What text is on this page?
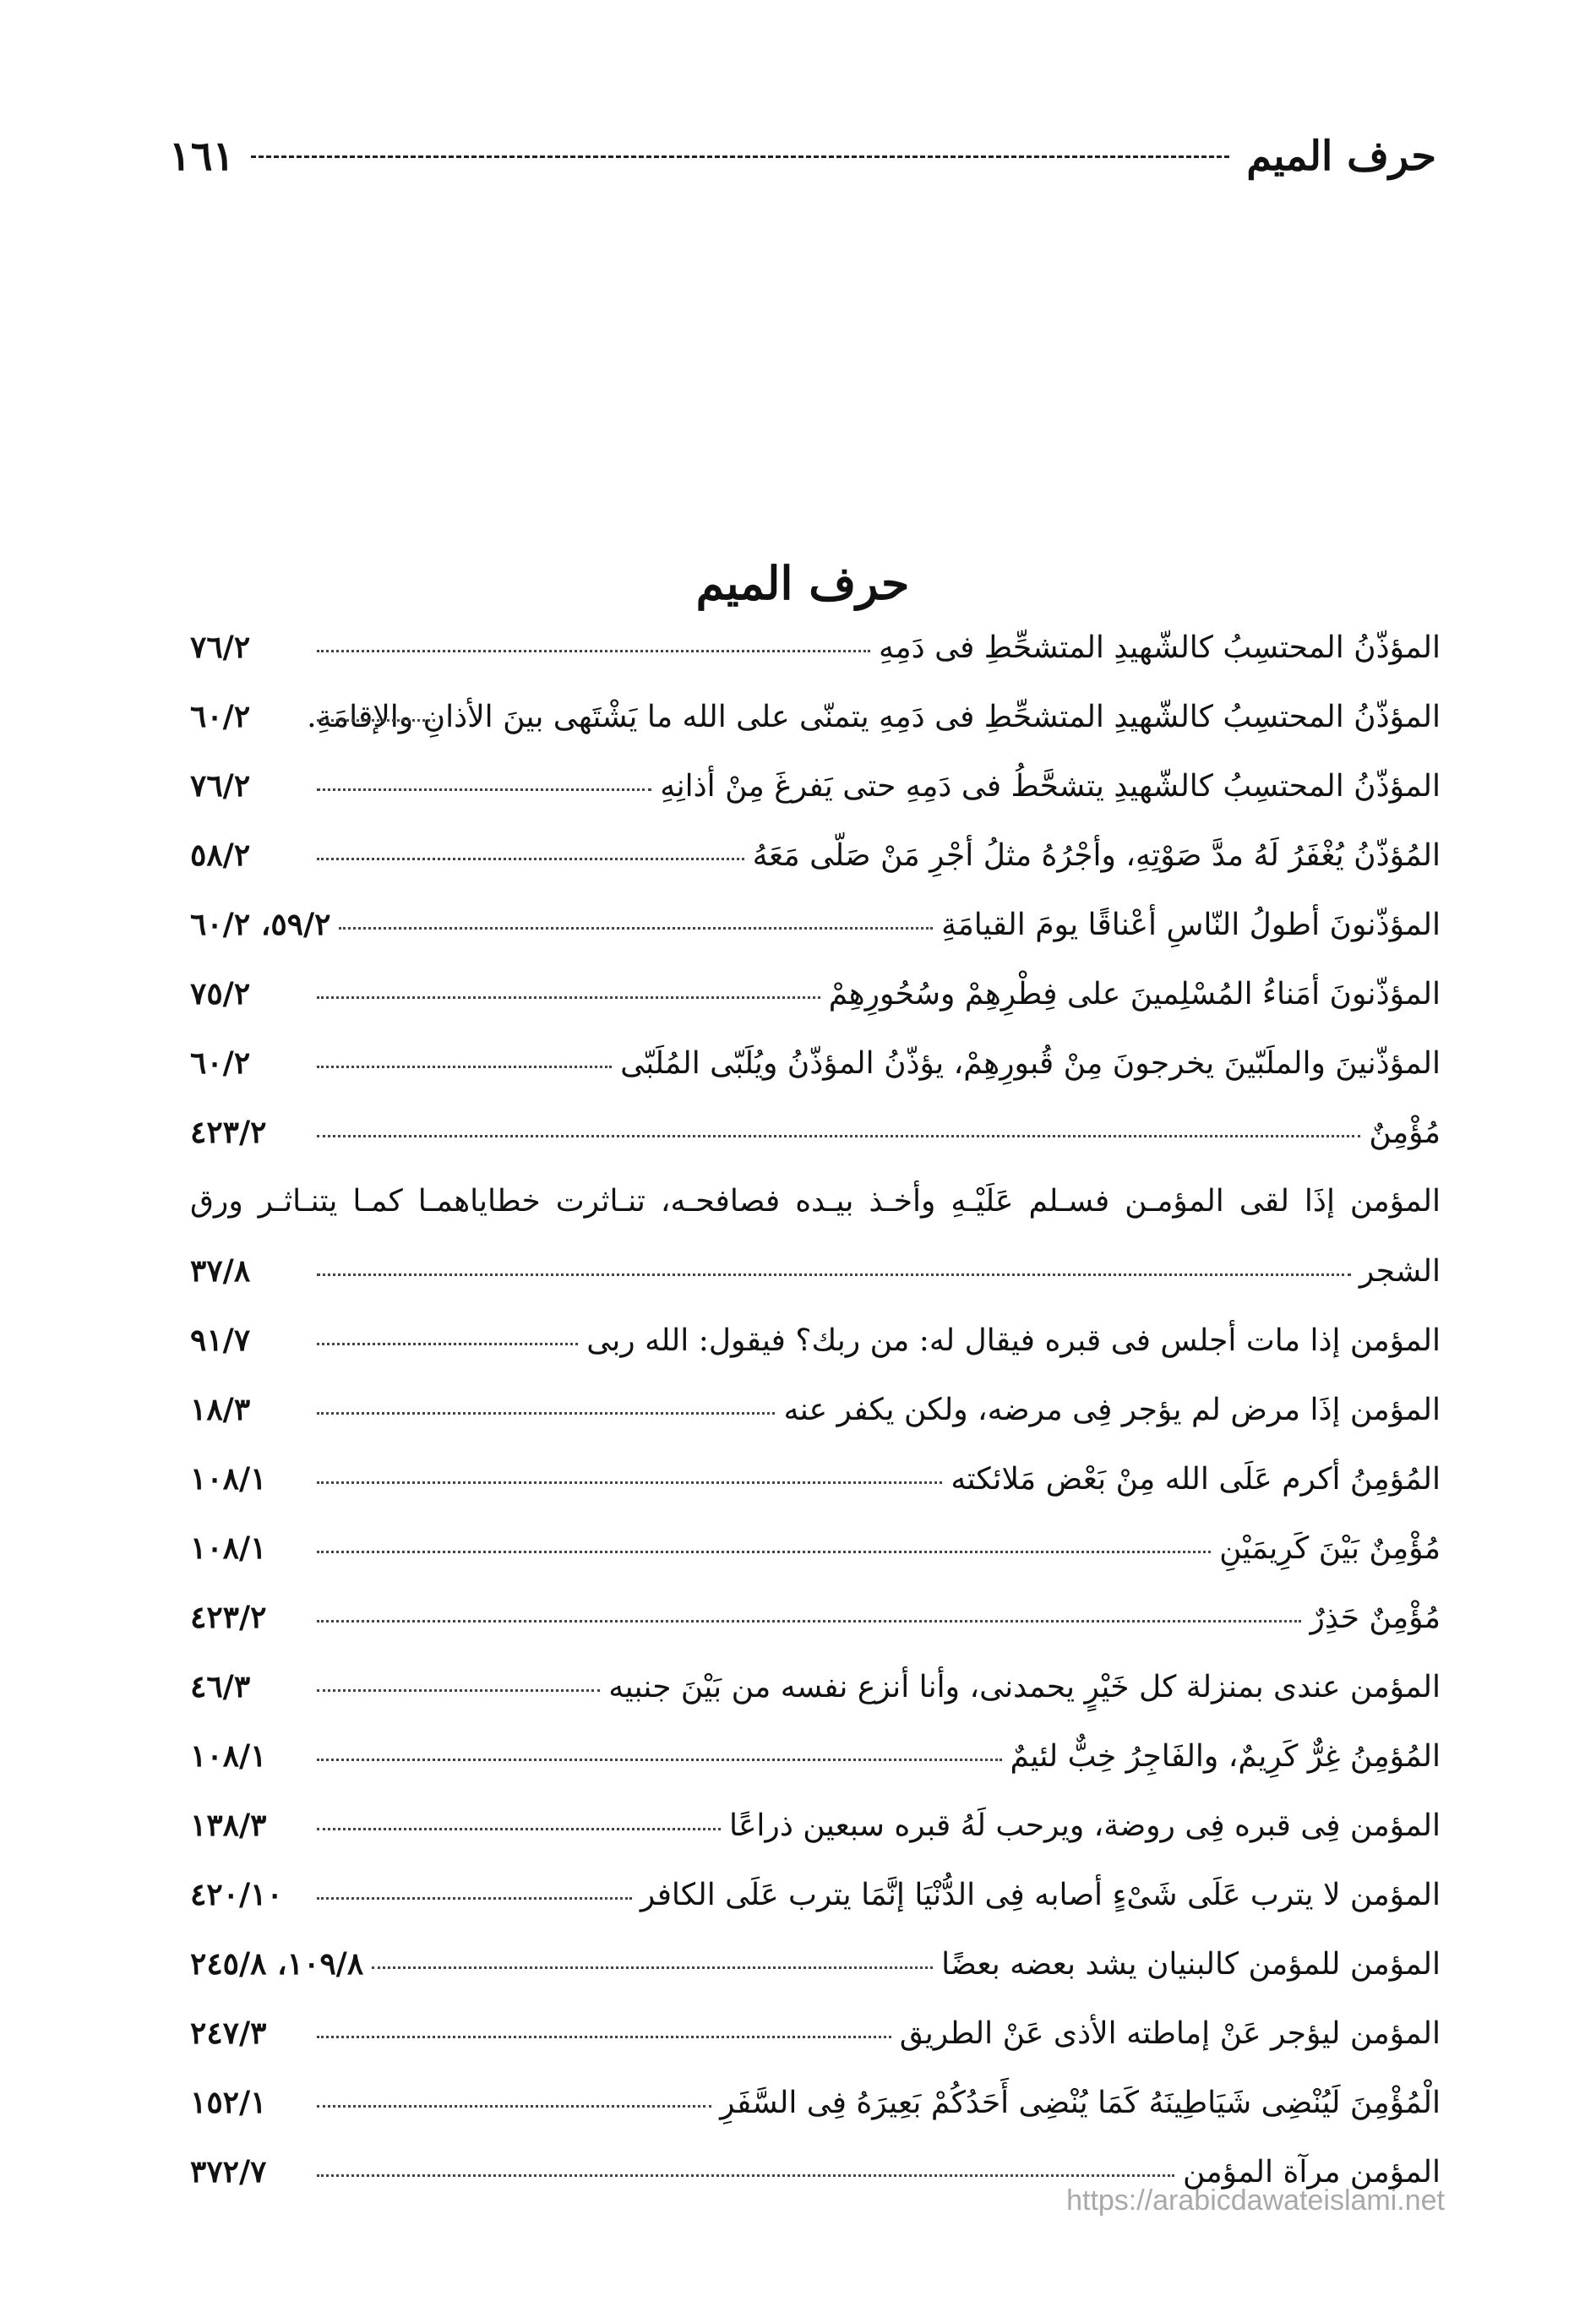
حرف الميم
١٦١
حرف الميم
المؤذّنُ المحتسِبُ كالشّهيدِ المتشحِّطِ فى دَمِهِ
٧٦/٢
المؤذّنُ المحتسِبُ كالشّهيدِ المتشحِّطِ فى دَمِهِ يتمنّى على الله ما يَشْتَهى بينَ الأذانِ والإقامَةِ.
٦٠/٢
المؤذّنُ المحتسِبُ كالشّهيدِ يتشحَّطُ فى دَمِهِ حتى يَفرغَ مِنْ أذانِهِ
٧٦/٢
المُؤذّنُ يُغْفَرُ لَهُ مدَّ صَوْتِهِ، وأجْرُهُ مثلُ أجْرِ مَنْ صَلّى مَعَهُ
٥٨/٢
المؤذّنونَ أطولُ النّاسِ أعْناقًا يومَ القيامَةِ
٥٩/٢، ٦٠/٢
المؤذّنونَ أمَناءُ المُسْلِمينَ على فِطْرِهِمْ وسُحُورِهِمْ
٧٥/٢
المؤذّنينَ والملَبّينَ يخرجونَ مِنْ قُبورِهِمْ، يؤذّنُ المؤذّنُ ويُلَبّى المُلَبّى
٦٠/٢
مُؤْمِنٌ
٤٢٣/٢
المؤمن إذَا لقى المؤمـن فسـلم عَلَيْـهِ وأخـذ بيـده فصافحـه، تنـاثرت خطاياهمـا كمـا يتنـاثـر ورق
الشجر
٣٧/٨
المؤمن إذا مات أجلس فى قبره فيقال له: من ربك؟ فيقول: الله ربى
٩١/٧
المؤمن إذَا مرض لم يؤجر فِى مرضه، ولكن يكفر عنه
١٨/٣
المُؤمِنُ أكرم عَلَى الله مِنْ بَعْض مَلائكته
١٠٨/١
مُؤْمِنٌ بَيْنَ كَرِيمَيْنِ
١٠٨/١
مُؤْمِنٌ حَذِرٌ
٤٢٣/٢
المؤمن عندى بمنزلة كل خَيْرٍ يحمدنى، وأنا أنزع نفسه من بَيْنَ جنبيه
٤٦/٣
المُؤمِنُ غِرٌّ كَرِيمٌ، والفَاجِرُ خِبٌّ لئيمٌ
١٠٨/١
المؤمن فِى قبره فِى روضة، ويرحب لَهُ قبره سبعين ذراعًا
١٣٨/٣
المؤمن لا يترب عَلَى شَىْءٍ أصابه فِى الدُّنْيَا إنَّمَا يترب عَلَى الكافر
٤٢٠/١٠
المؤمن للمؤمن كالبنيان يشد بعضه بعضًا
١٠٩/٨، ٢٤٥/٨
المؤمن ليؤجر عَنْ إماطته الأذى عَنْ الطريق
٢٤٧/٣
الْمُؤْمِنَ لَيُنْضِى شَيَاطِينَهُ كَمَا يُنْضِى أَحَدُكُمْ بَعِيرَهُ فِى السَّفَرِ
١٥٢/١
المؤمن مرآة المؤمن
٣٧٢/٧
https://arabicdawateislami.net
